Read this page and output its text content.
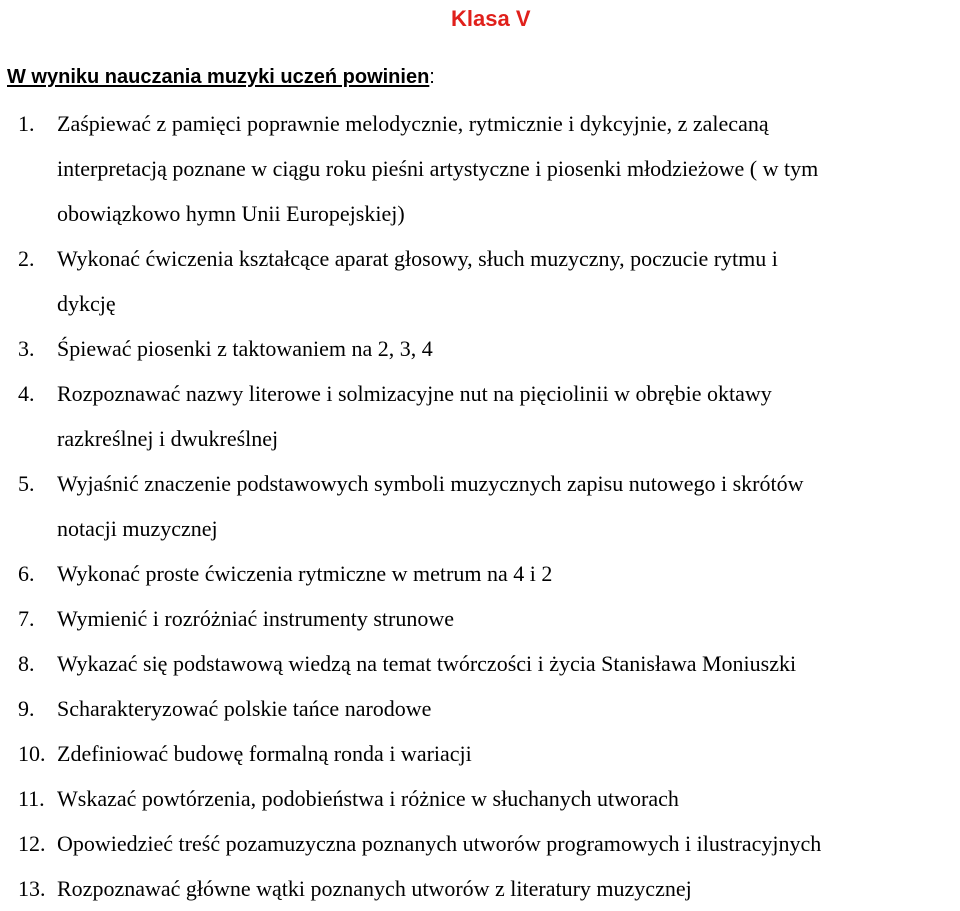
Klasa V
W wyniku nauczania muzyki uczeń powinien:
1.	Zaśpiewać z pamięci poprawnie melodycznie, rytmicznie i dykcyjnie, z zalecaną
interpretacją poznane w ciągu roku pieśni artystyczne i piosenki młodzieżowe ( w tym
obowiązkowo hymn Unii Europejskiej)
2.	Wykonać ćwiczenia kształcące aparat głosowy, słuch muzyczny, poczucie rytmu i
dykcję
3.	Śpiewać piosenki z taktowaniem na 2, 3, 4
4.	Rozpoznawać nazwy literowe i solmizacyjne nut na pięciolinii w obrębie oktawy
razkreślnej i dwukreślnej
5.	Wyjaśnić znaczenie podstawowych symboli muzycznych zapisu nutowego i skrótów
notacji muzycznej
6.	Wykonać proste ćwiczenia rytmiczne w metrum na 4 i 2
7.	Wymienić i rozróżniać instrumenty strunowe
8.	Wykazać się podstawową wiedzą na temat twórczości i życia Stanisława Moniuszki
9.	Scharakteryzować polskie tańce narodowe
10. Zdefiniować budowę formalną ronda i wariacji
11. Wskazać powtórzenia, podobieństwa i różnice w słuchanych utworach
12. Opowiedzieć treść pozamuzyczna poznanych utworów programowych i ilustracyjnych
13. Rozpoznawać główne wątki poznanych utworów z literatury muzycznej
